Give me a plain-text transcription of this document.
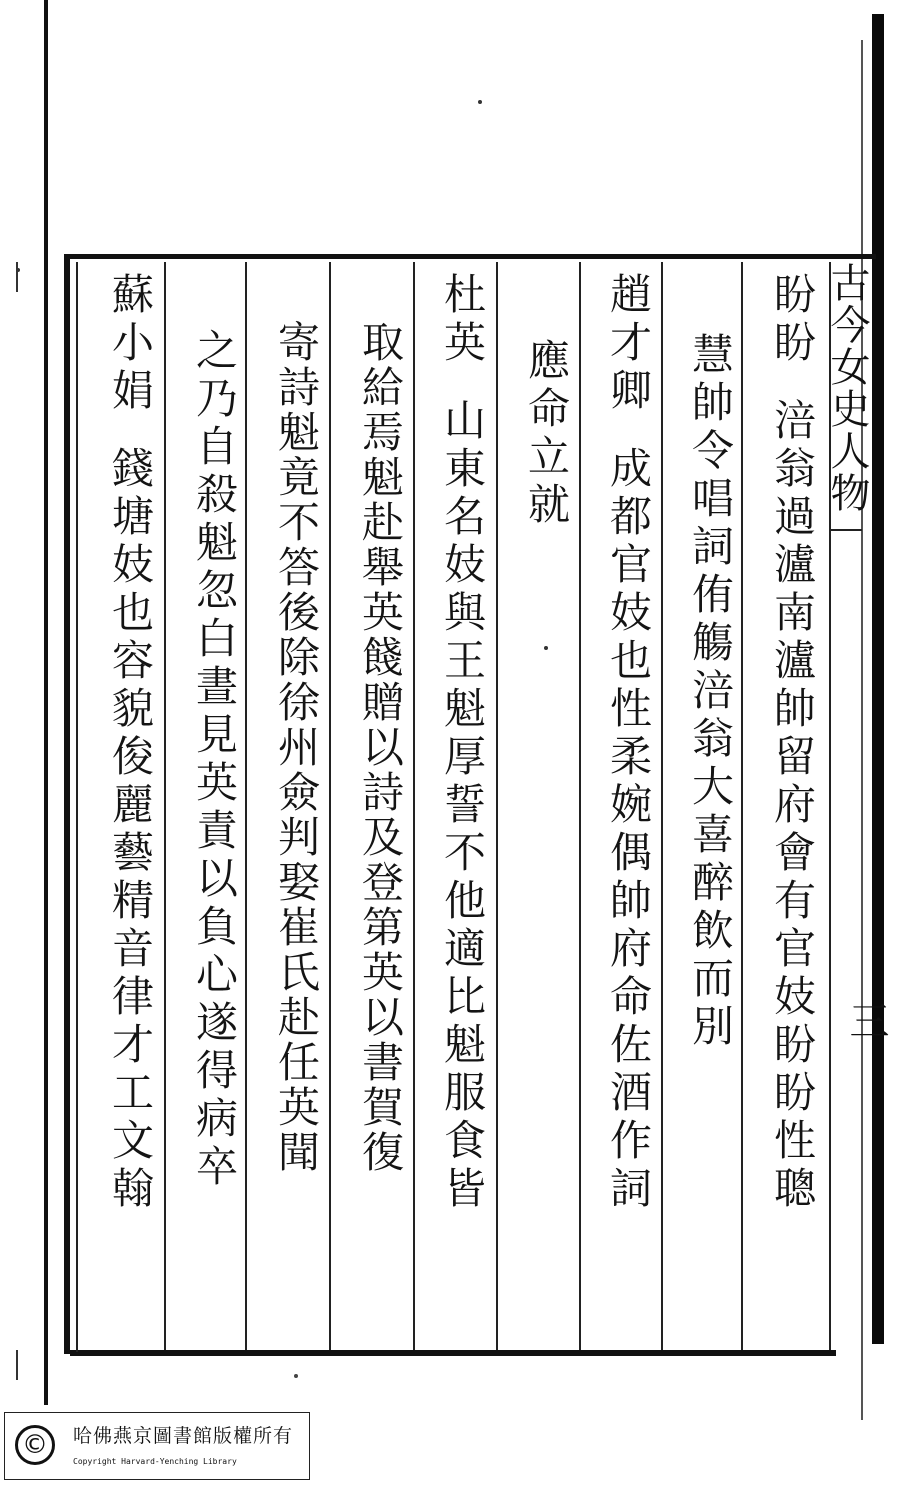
古今女史人物
三
盼盼涪翁過瀘南瀘帥留府會有官妓盼盼性聰
慧帥令唱詞侑觴涪翁大喜醉飲而別
趙才卿成都官妓也性柔婉偶帥府命佐酒作詞
應命立就
杜英山東名妓與王魁厚誓不他適比魁服食皆
取給焉魁赴舉英餞贈以詩及登第英以書賀復
寄詩魁竟不答後除徐州僉判娶崔氏赴任英聞
之乃自殺魁忽白晝見英責以負心遂得病卒
蘇小娟錢塘妓也容貌俊麗藝精音律才工文翰
©	哈佛燕京圖書館版權所有
Copyright Harvard-Yenching Library
